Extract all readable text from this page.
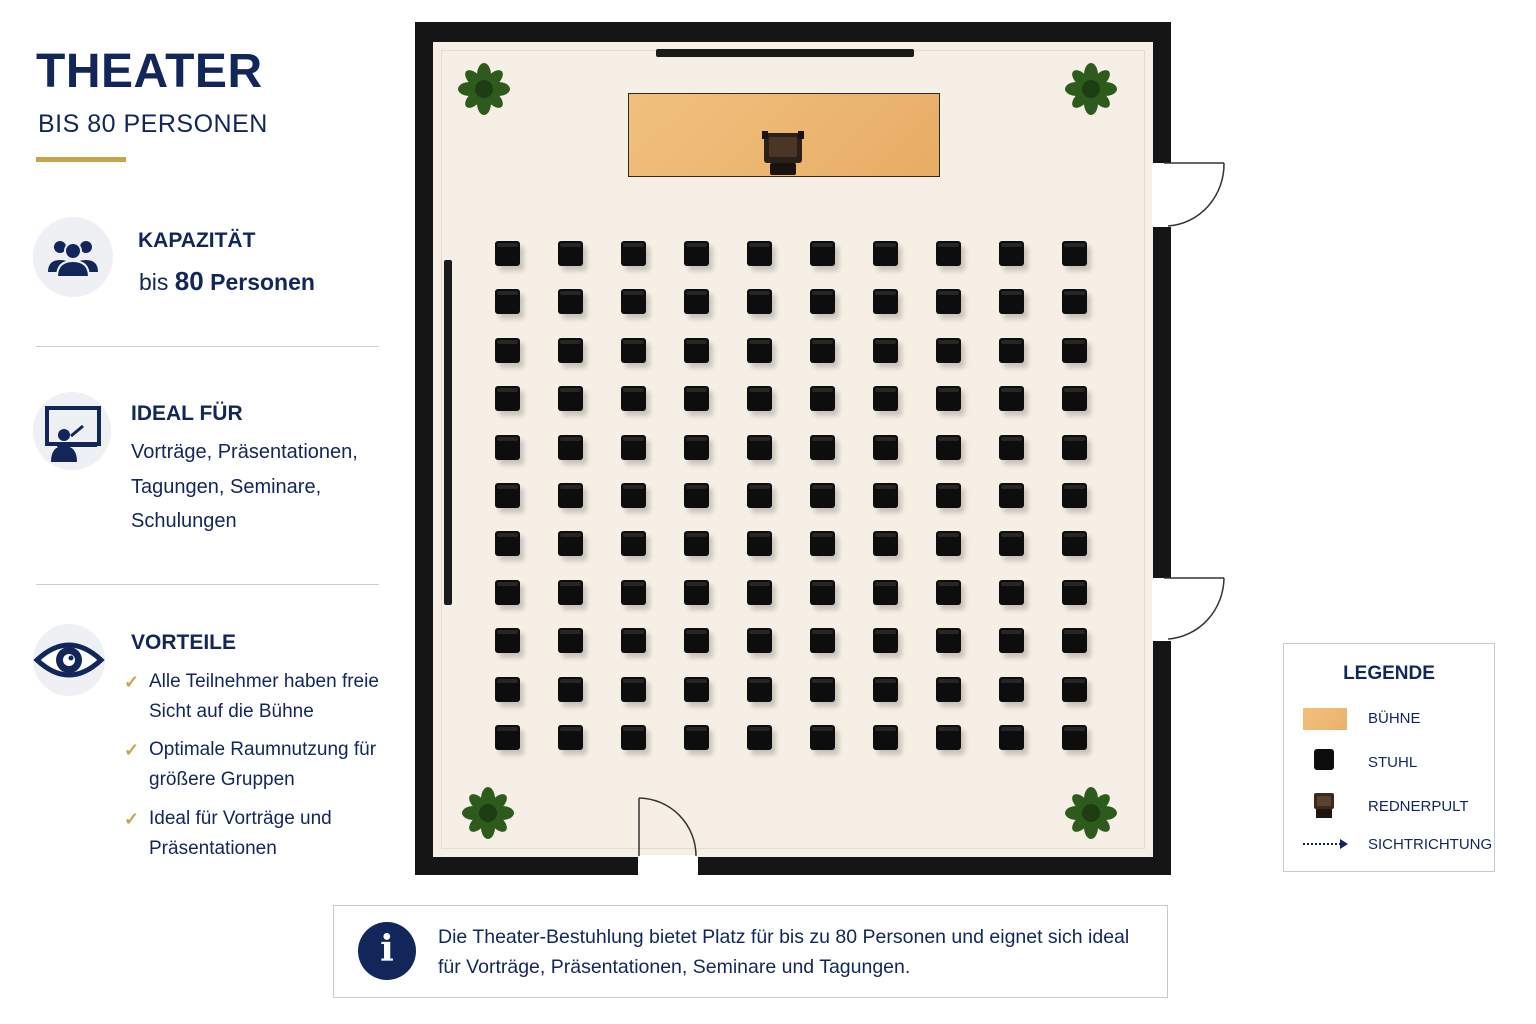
THEATER
BIS 80 PERSONEN
KAPAZITÄT
bis 80 Personen
IDEAL FÜR
Vorträge, Präsentationen,
Tagungen, Seminare,
Schulungen
VORTEILE
✓ Alle Teilnehmer haben freie Sicht auf die Bühne
✓ Optimale Raumnutzung für größere Gruppen
✓ Ideal für Vorträge und Präsentationen
LEGENDE
BÜHNE
STUHL
REDNERPULT
SICHTRICHTUNG
i	Die Theater-Bestuhlung bietet Platz für bis zu 80 Personen und eignet sich ideal für Vorträge, Präsentationen, Seminare und Tagungen.
